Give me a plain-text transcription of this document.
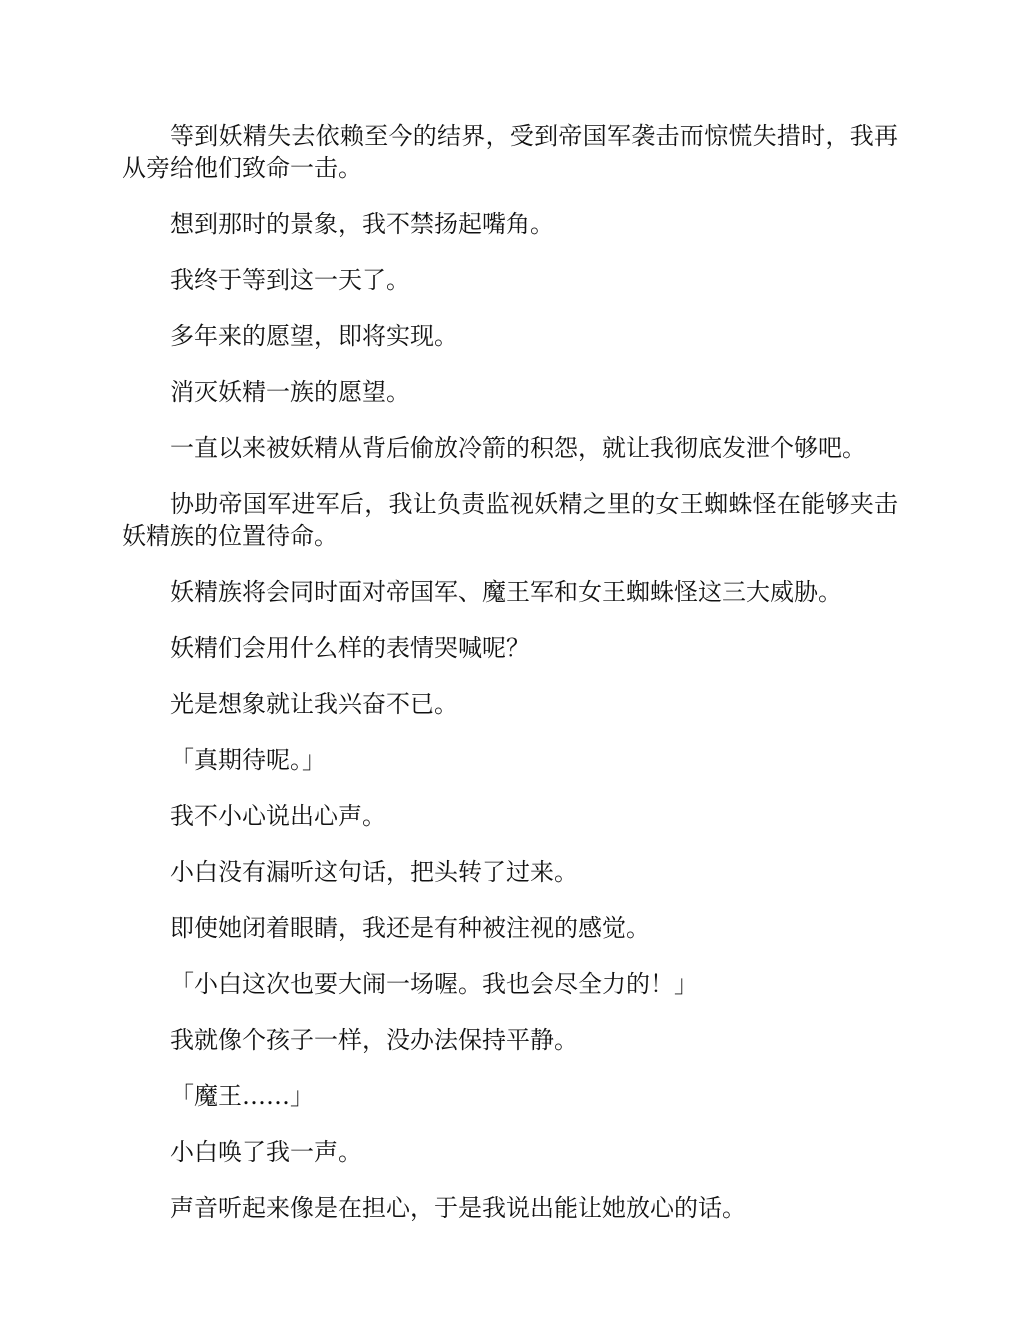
等到妖精失去依赖至今的结界，受到帝国军袭击而惊慌失措时，我再从旁给他们致命一击。

想到那时的景象，我不禁扬起嘴角。

我终于等到这一天了。

多年来的愿望，即将实现。

消灭妖精一族的愿望。

一直以来被妖精从背后偷放冷箭的积怨，就让我彻底发泄个够吧。

协助帝国军进军后，我让负责监视妖精之里的女王蜘蛛怪在能够夹击妖精族的位置待命。

妖精族将会同时面对帝国军、魔王军和女王蜘蛛怪这三大威胁。

妖精们会用什么样的表情哭喊呢？

光是想象就让我兴奋不已。

「真期待呢。」

我不小心说出心声。

小白没有漏听这句话，把头转了过来。

即使她闭着眼睛，我还是有种被注视的感觉。

「小白这次也要大闹一场喔。我也会尽全力的！」

我就像个孩子一样，没办法保持平静。

「魔王……」

小白唤了我一声。

声音听起来像是在担心，于是我说出能让她放心的话。
